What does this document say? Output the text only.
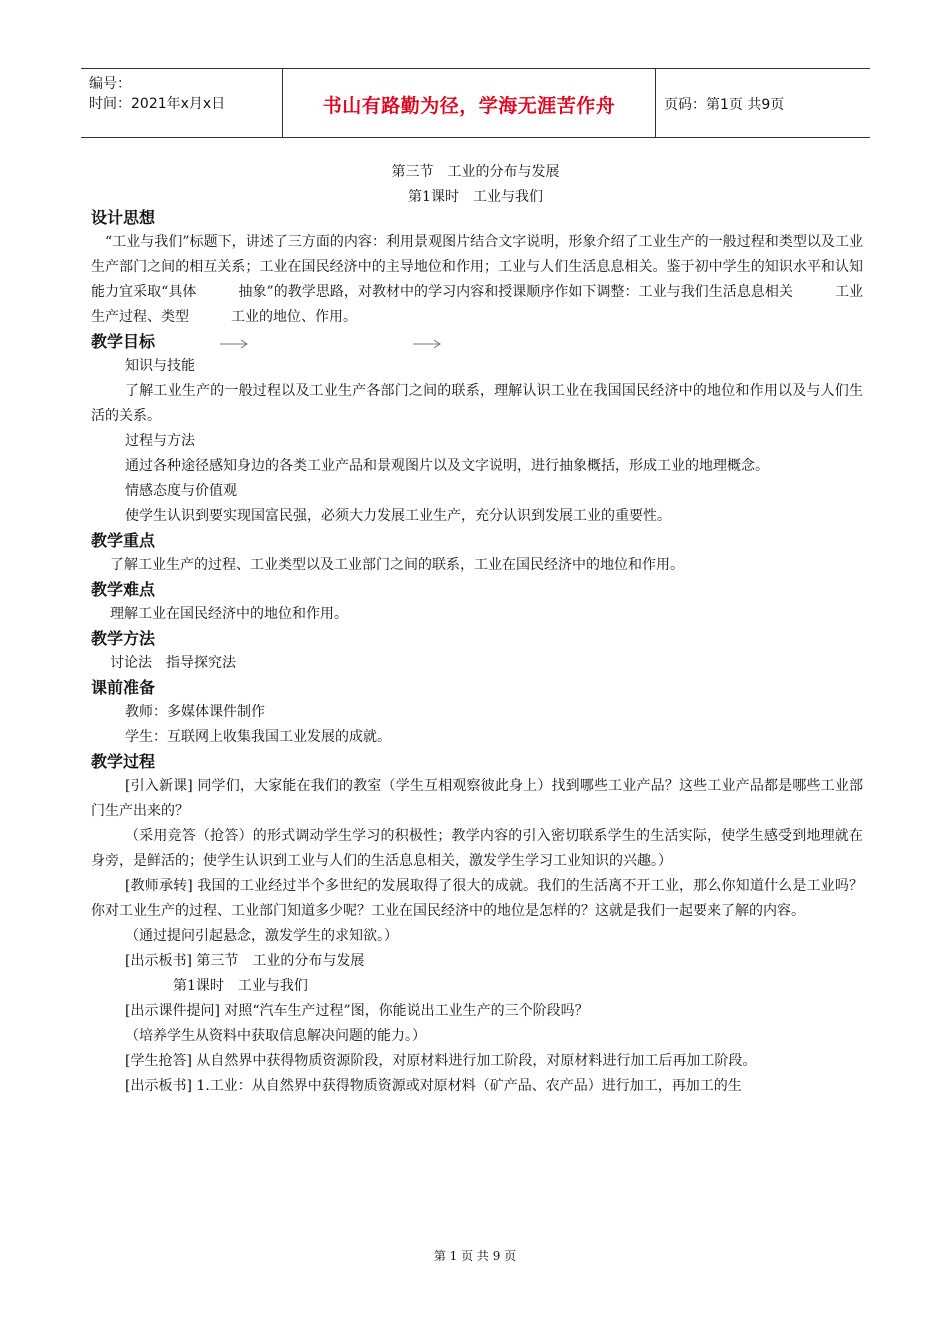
编号：
时间：2021年x月x日	书山有路勤为径，学海无涯苦作舟	页码：第1页 共9页
第三节　工业的分布与发展
第1课时　工业与我们
设计思想

“工业与我们”标题下，讲述了三方面的内容：利用景观图片结合文字说明，形象介绍了工业生产的一般过程和类型以及工业生产部门之间的相互关系；工业在国民经济中的主导地位和作用；工业与人们生活息息相关。鉴于初中学生的知识水平和认知能力宜采取“具体　　　抽象”的教学思路，对教材中的学习内容和授课顺序作如下调整：工业与我们生活息息相关　　　工业生产过程、类型　　　工业的地位、作用。

教学目标

知识与技能

了解工业生产的一般过程以及工业生产各部门之间的联系，理解认识工业在我国国民经济中的地位和作用以及与人们生活的关系。

过程与方法

通过各种途径感知身边的各类工业产品和景观图片以及文字说明，进行抽象概括，形成工业的地理概念。

情感态度与价值观

使学生认识到要实现国富民强，必须大力发展工业生产，充分认识到发展工业的重要性。

教学重点

了解工业生产的过程、工业类型以及工业部门之间的联系，工业在国民经济中的地位和作用。

教学难点

理解工业在国民经济中的地位和作用。

教学方法

讨论法　指导探究法

课前准备

教师：多媒体课件制作

学生：互联网上收集我国工业发展的成就。

教学过程

[引入新课] 同学们，大家能在我们的教室（学生互相观察彼此身上）找到哪些工业产品？这些工业产品都是哪些工业部门生产出来的？

（采用竞答（抢答）的形式调动学生学习的积极性；教学内容的引入密切联系学生的生活实际，使学生感受到地理就在身旁，是鲜活的；使学生认识到工业与人们的生活息息相关，激发学生学习工业知识的兴趣。）

[教师承转] 我国的工业经过半个多世纪的发展取得了很大的成就。我们的生活离不开工业，那么你知道什么是工业吗？你对工业生产的过程、工业部门知道多少呢？工业在国民经济中的地位是怎样的？这就是我们一起要来了解的内容。

（通过提问引起悬念，激发学生的求知欲。）

[出示板书] 第三节　工业的分布与发展

第1课时　工业与我们

[出示课件提问] 对照“汽车生产过程”图，你能说出工业生产的三个阶段吗？

（培养学生从资料中获取信息解决问题的能力。）

[学生抢答] 从自然界中获得物质资源阶段，对原材料进行加工阶段，对原材料进行加工后再加工阶段。

[出示板书] 1.工业：从自然界中获得物质资源或对原材料（矿产品、农产品）进行加工，再加工的生

第 1 页 共 9 页
